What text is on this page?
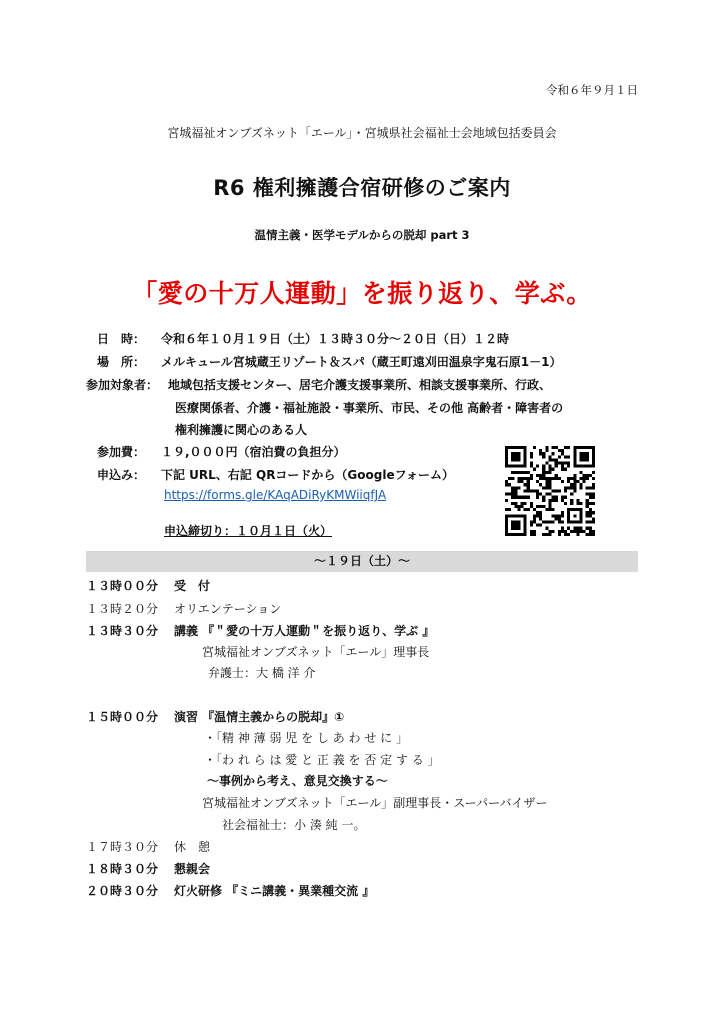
令和６年９月１日
宮城福祉オンブズネット「エール」・宮城県社会福祉士会地域包括委員会
R6 権利擁護合宿研修のご案内
温情主義・医学モデルからの脱却 part 3
「愛の十万人運動」を振り返り、学ぶ。
日　時： 令和６年１０月１９日（土）１３時３０分～２０日（日）１２時
場　所： メルキュール宮城蔵王リゾート＆スパ（蔵王町遠刈田温泉字鬼石原1－1）
参加対象者： 地域包括支援センター、居宅介護支援事業所、相談支援事業所、行政、
医療関係者、介護・福祉施設・事業所、市民、その他 高齢者・障害者の
権利擁護に関心のある人
参加費： １９,０００円（宿泊費の負担分）
申込み： 下記 URL、右記 QRコードから（Googleフォーム）
https://forms.gle/KAqADiRyKMWiiqfJA
申込締切り：１０月１日（火）
～１９日（土）～
１３時００分 受　付
１３時２０分 オリエンテーション
１３時３０分 講義 『＂愛の十万人運動＂を振り返り、学ぶ 』
宮城福祉オンブズネット「エール」理事長
弁護士：大 橋 洋 介
１５時００分 演習 『温情主義からの脱却』①
・「精 神 薄 弱 児 を し あ わ せ に 」
・「わ れ ら は 愛 と 正 義 を 否 定 す る 」
～事例から考え、意見交換する～
宮城福祉オンブズネット「エール」副理事長・スーパーバイザー
社会福祉士：小 湊 純 一。
１７時３０分 休　憩
１８時３０分 懇親会
２０時３０分 灯火研修 『ミニ講義・異業種交流 』
